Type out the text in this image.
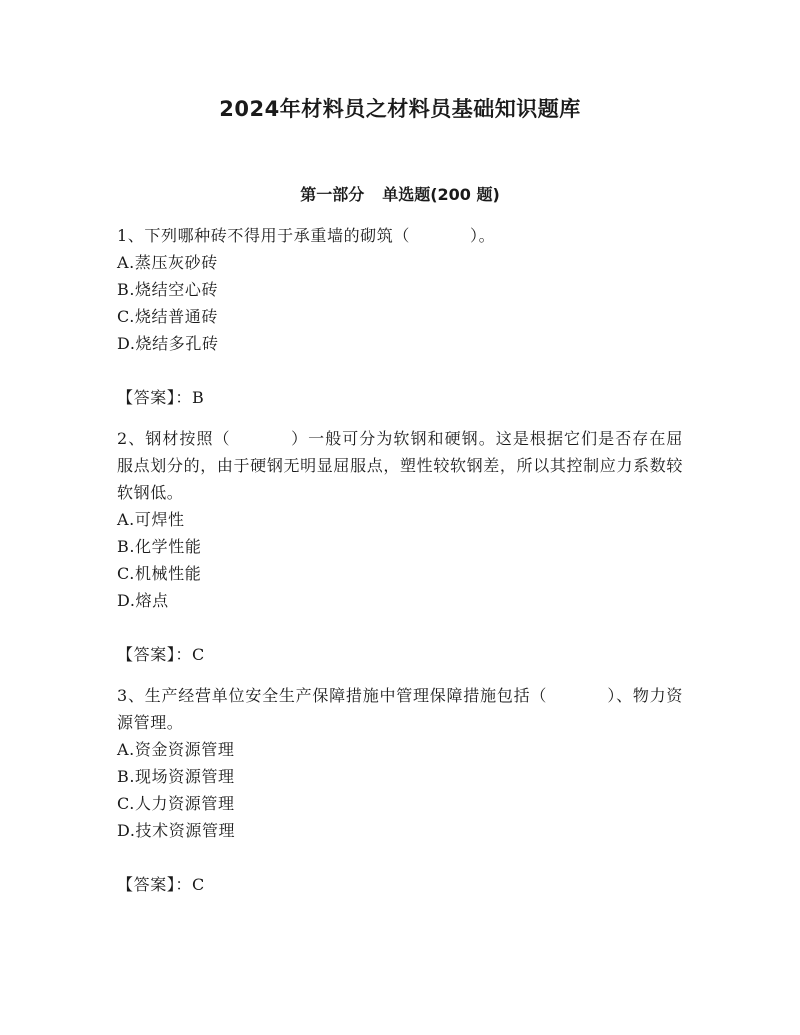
2024年材料员之材料员基础知识题库
第一部分 单选题(200 题)

1、下列哪种砖不得用于承重墙的砌筑（	）。

A.蒸压灰砂砖

B.烧结空心砖

C.烧结普通砖

D.烧结多孔砖

【答案】：B

2、钢材按照（	）一般可分为软钢和硬钢。这是根据它们是否存在屈服点划分的，由于硬钢无明显屈服点，塑性较软钢差，所以其控制应力系数较软钢低。

A.可焊性

B.化学性能

C.机械性能

D.熔点

【答案】：C

3、生产经营单位安全生产保障措施中管理保障措施包括（	）、物力资源管理。

A.资金资源管理

B.现场资源管理

C.人力资源管理

D.技术资源管理

【答案】：C
